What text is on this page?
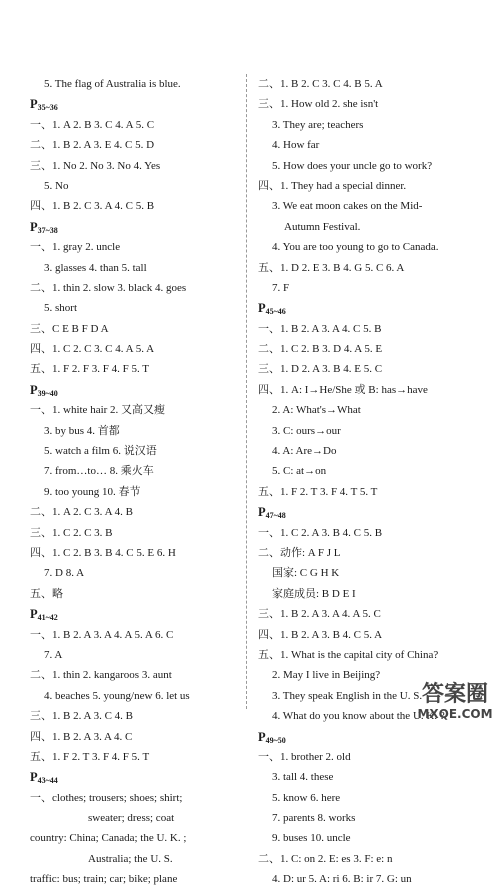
5. The flag of Australia is blue.
$P_{35\sim 36}$
一、1. A 2. B 3. C 4. A 5. C
二、1. B 2. A 3. E 4. C 5. D
三、1. No 2. No 3. No 4. Yes
5. No
四、1. B 2. C 3. A 4. C 5. B
$P_{37\sim 38}$
一、1. gray 2. uncle
3. glasses 4. than 5. tall
二、1. thin 2. slow 3. black 4. goes
5. short
三、C E B F D A
四、1. C 2. C 3. C 4. A 5. A
五、1. F 2. F 3. F 4. F 5. T
$P_{39\sim 40}$
一、1. white hair 2. 又高又瘦
3. by bus 4. 首都
5. watch a film 6. 说汉语
7. from…to… 8. 乘火车
9. too young 10. 春节
二、1. A 2. C 3. A 4. B
三、1. C 2. C 3. B
四、1. C 2. B 3. B 4. C 5. E 6. H
7. D 8. A
五、略
$P_{41\sim 42}$
一、1. B 2. A 3. A 4. A 5. A 6. C
7. A
二、1. thin 2. kangaroos 3. aunt
4. beaches 5. young/new 6. let us
三、1. B 2. A 3. C 4. B
四、1. B 2. A 3. A 4. C
五、1. F 2. T 3. F 4. F 5. T
$P_{43\sim 44}$
一、clothes; trousers; shoes; shirt;
sweater; dress; coat
country: China; Canada; the U. K. ;
Australia; the U. S.
traffic: bus; train; car; bike; plane
二、1. B 2. C 3. C 4. B 5. A
三、1. How old 2. she isn't
3. They are; teachers
4. How far
5. How does your uncle go to work?
四、1. They had a special dinner.
3. We eat moon cakes on the Mid-
Autumn Festival.
4. You are too young to go to Canada.
五、1. D 2. E 3. B 4. G 5. C 6. A
7. F
$P_{45\sim 46}$
一、1. B 2. A 3. A 4. C 5. B
二、1. C 2. B 3. D 4. A 5. E
三、1. D 2. A 3. B 4. E 5. C
四、1. A: I→He/She 或 B: has→have
2. A: What's→What
3. C: ours→our
4. A: Are→Do
5. C: at→on
五、1. F 2. T 3. F 4. T 5. T
$P_{47\sim 48}$
一、1. C 2. A 3. B 4. C 5. B
二、动作: A F J L
国家: C G H K
家庭成员: B D E I
三、1. B 2. A 3. A 4. A 5. C
四、1. B 2. A 3. B 4. C 5. A
五、1. What is the capital city of China?
2. May I live in Beijing?
3. They speak English in the U. S.
4. What do you know about the U. K. ?
$P_{49\sim 50}$
一、1. brother 2. old
3. tall 4. these
5. know 6. here
7. parents 8. works
9. buses 10. uncle
二、1. C: on 2. E: es 3. F: e: n
4. D: ur 5. A: ri 6. B: ir 7. G: un
答案圈
MXQE.COM
